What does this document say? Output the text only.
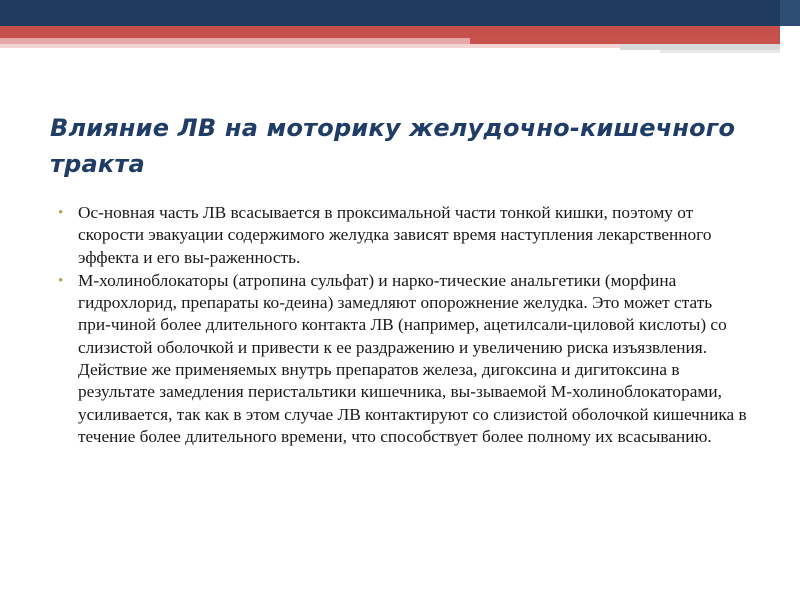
Влияние ЛВ на моторику желудочно-кишечного тракта
• Ос-новная часть ЛВ всасывается в проксимальной части тонкой кишки, поэтому от скорости эвакуации содержимого желудка зависят время наступления лекарственного эффекта и его вы-раженность.
• М-холиноблокаторы (атропина сульфат) и нарко-тические анальгетики (морфина гидрохлорид, препараты ко-деина) замедляют опорожнение желудка. Это может стать при-чиной более длительного контакта ЛВ (например, ацетилсали-циловой кислоты) со слизистой оболочкой и привести к ее раздражению и увеличению риска изъязвления. Действие же применяемых внутрь препаратов железа, дигоксина и дигитоксина в результате замедления перистальтики кишечника, вы-зываемой М-холиноблокаторами, усиливается, так как в этом случае ЛВ контактируют со слизистой оболочкой кишечника в течение более длительного времени, что способствует более полному их всасыванию.
